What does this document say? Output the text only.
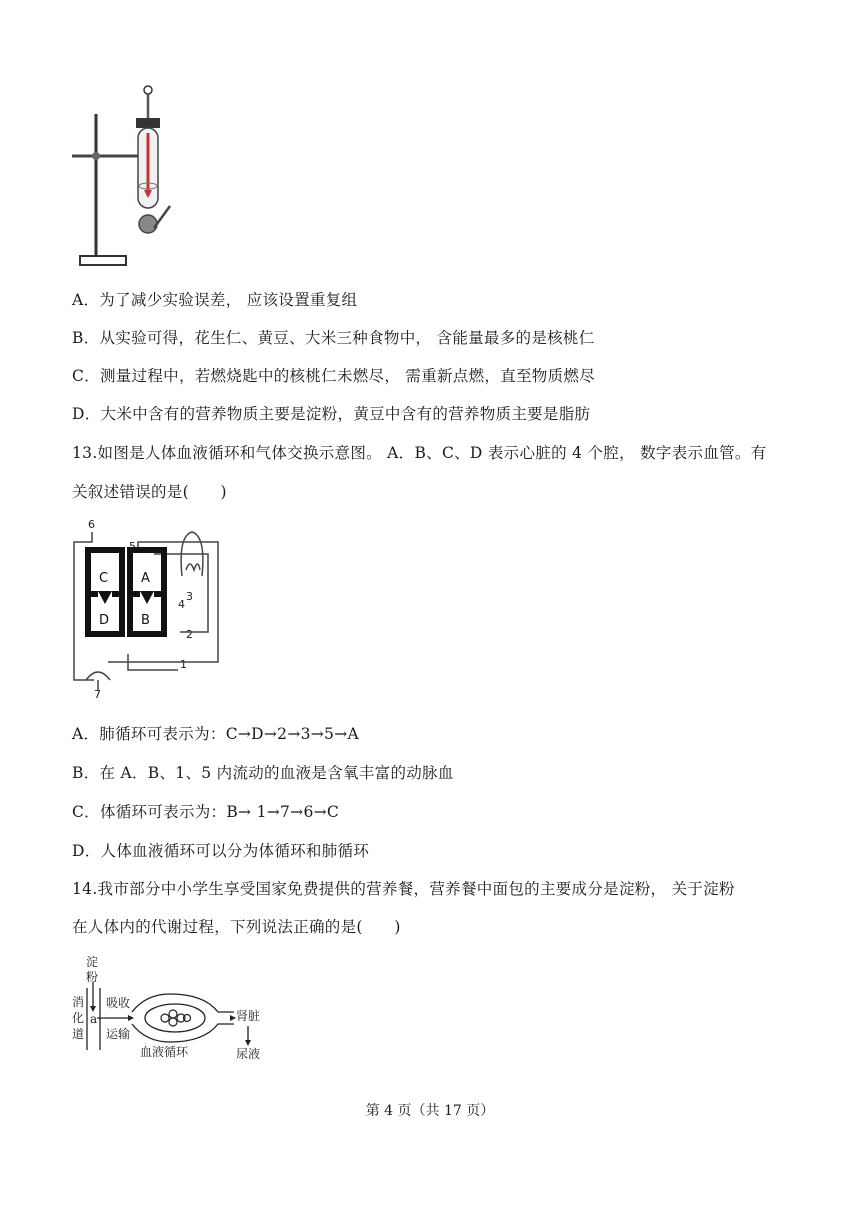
A．为了减少实验误差， 应该设置重复组
B．从实验可得，花生仁、黄豆、大米三种食物中， 含能量最多的是核桃仁
C．测量过程中，若燃烧匙中的核桃仁未燃尽， 需重新点燃，直至物质燃尽
D．大米中含有的营养物质主要是淀粉，黄豆中含有的营养物质主要是脂肪
13.如图是人体血液循环和气体交换示意图。 A．B、C、D 表示心脏的 4 个腔， 数字表示血管。有
关叙述错误的是(　　)
6
5
3
4
2
1
7
C	A
D B
A．肺循环可表示为：C→D→2→3→5→A
B．在 A．B、1、5 内流动的血液是含氧丰富的动脉血
C．体循环可表示为：B→ 1→7→6→C
D．人体血液循环可以分为体循环和肺循环
14.我市部分中小学生享受国家免费提供的营养餐，营养餐中面包的主要成分是淀粉， 关于淀粉
在人体内的代谢过程，下列说法正确的是(　　)
淀
粉
消
化
道
a
吸收
运输
肾脏
血液循环	尿液
第 4 页（共 17 页）
